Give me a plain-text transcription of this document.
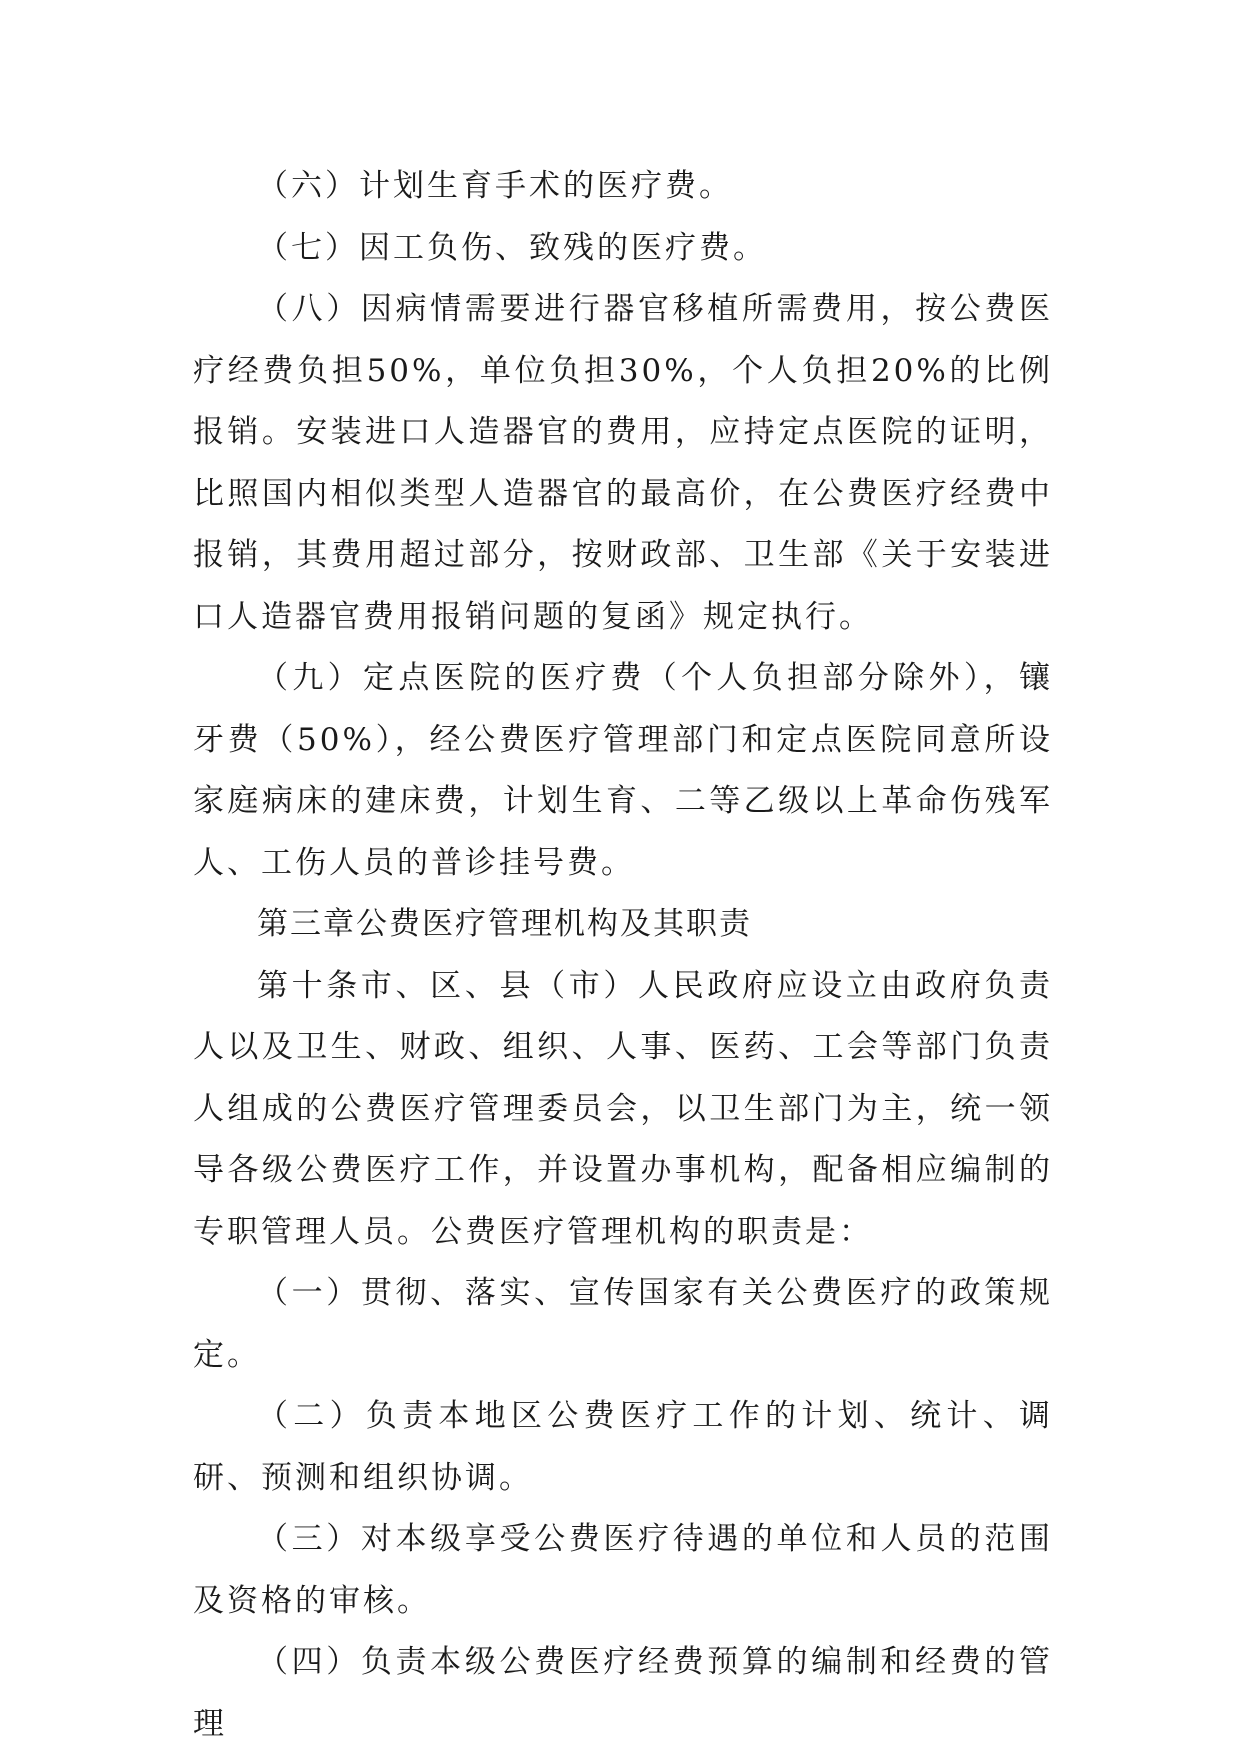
（六）计划生育手术的医疗费。

（七）因工负伤、致残的医疗费。

（八）因病情需要进行器官移植所需费用，按公费医疗经费负担50%，单位负担30%，个人负担20%的比例报销。安装进口人造器官的费用，应持定点医院的证明，比照国内相似类型人造器官的最高价，在公费医疗经费中报销，其费用超过部分，按财政部、卫生部《关于安装进口人造器官费用报销问题的复函》规定执行。

（九）定点医院的医疗费（个人负担部分除外），镶牙费（50%），经公费医疗管理部门和定点医院同意所设家庭病床的建床费，计划生育、二等乙级以上革命伤残军人、工伤人员的普诊挂号费。

第三章公费医疗管理机构及其职责

第十条市、区、县（市）人民政府应设立由政府负责人以及卫生、财政、组织、人事、医药、工会等部门负责人组成的公费医疗管理委员会，以卫生部门为主，统一领导各级公费医疗工作，并设置办事机构，配备相应编制的专职管理人员。公费医疗管理机构的职责是：

（一）贯彻、落实、宣传国家有关公费医疗的政策规定。

（二）负责本地区公费医疗工作的计划、统计、调研、预测和组织协调。

（三）对本级享受公费医疗待遇的单位和人员的范围及资格的审核。

（四）负责本级公费医疗经费预算的编制和经费的管理
